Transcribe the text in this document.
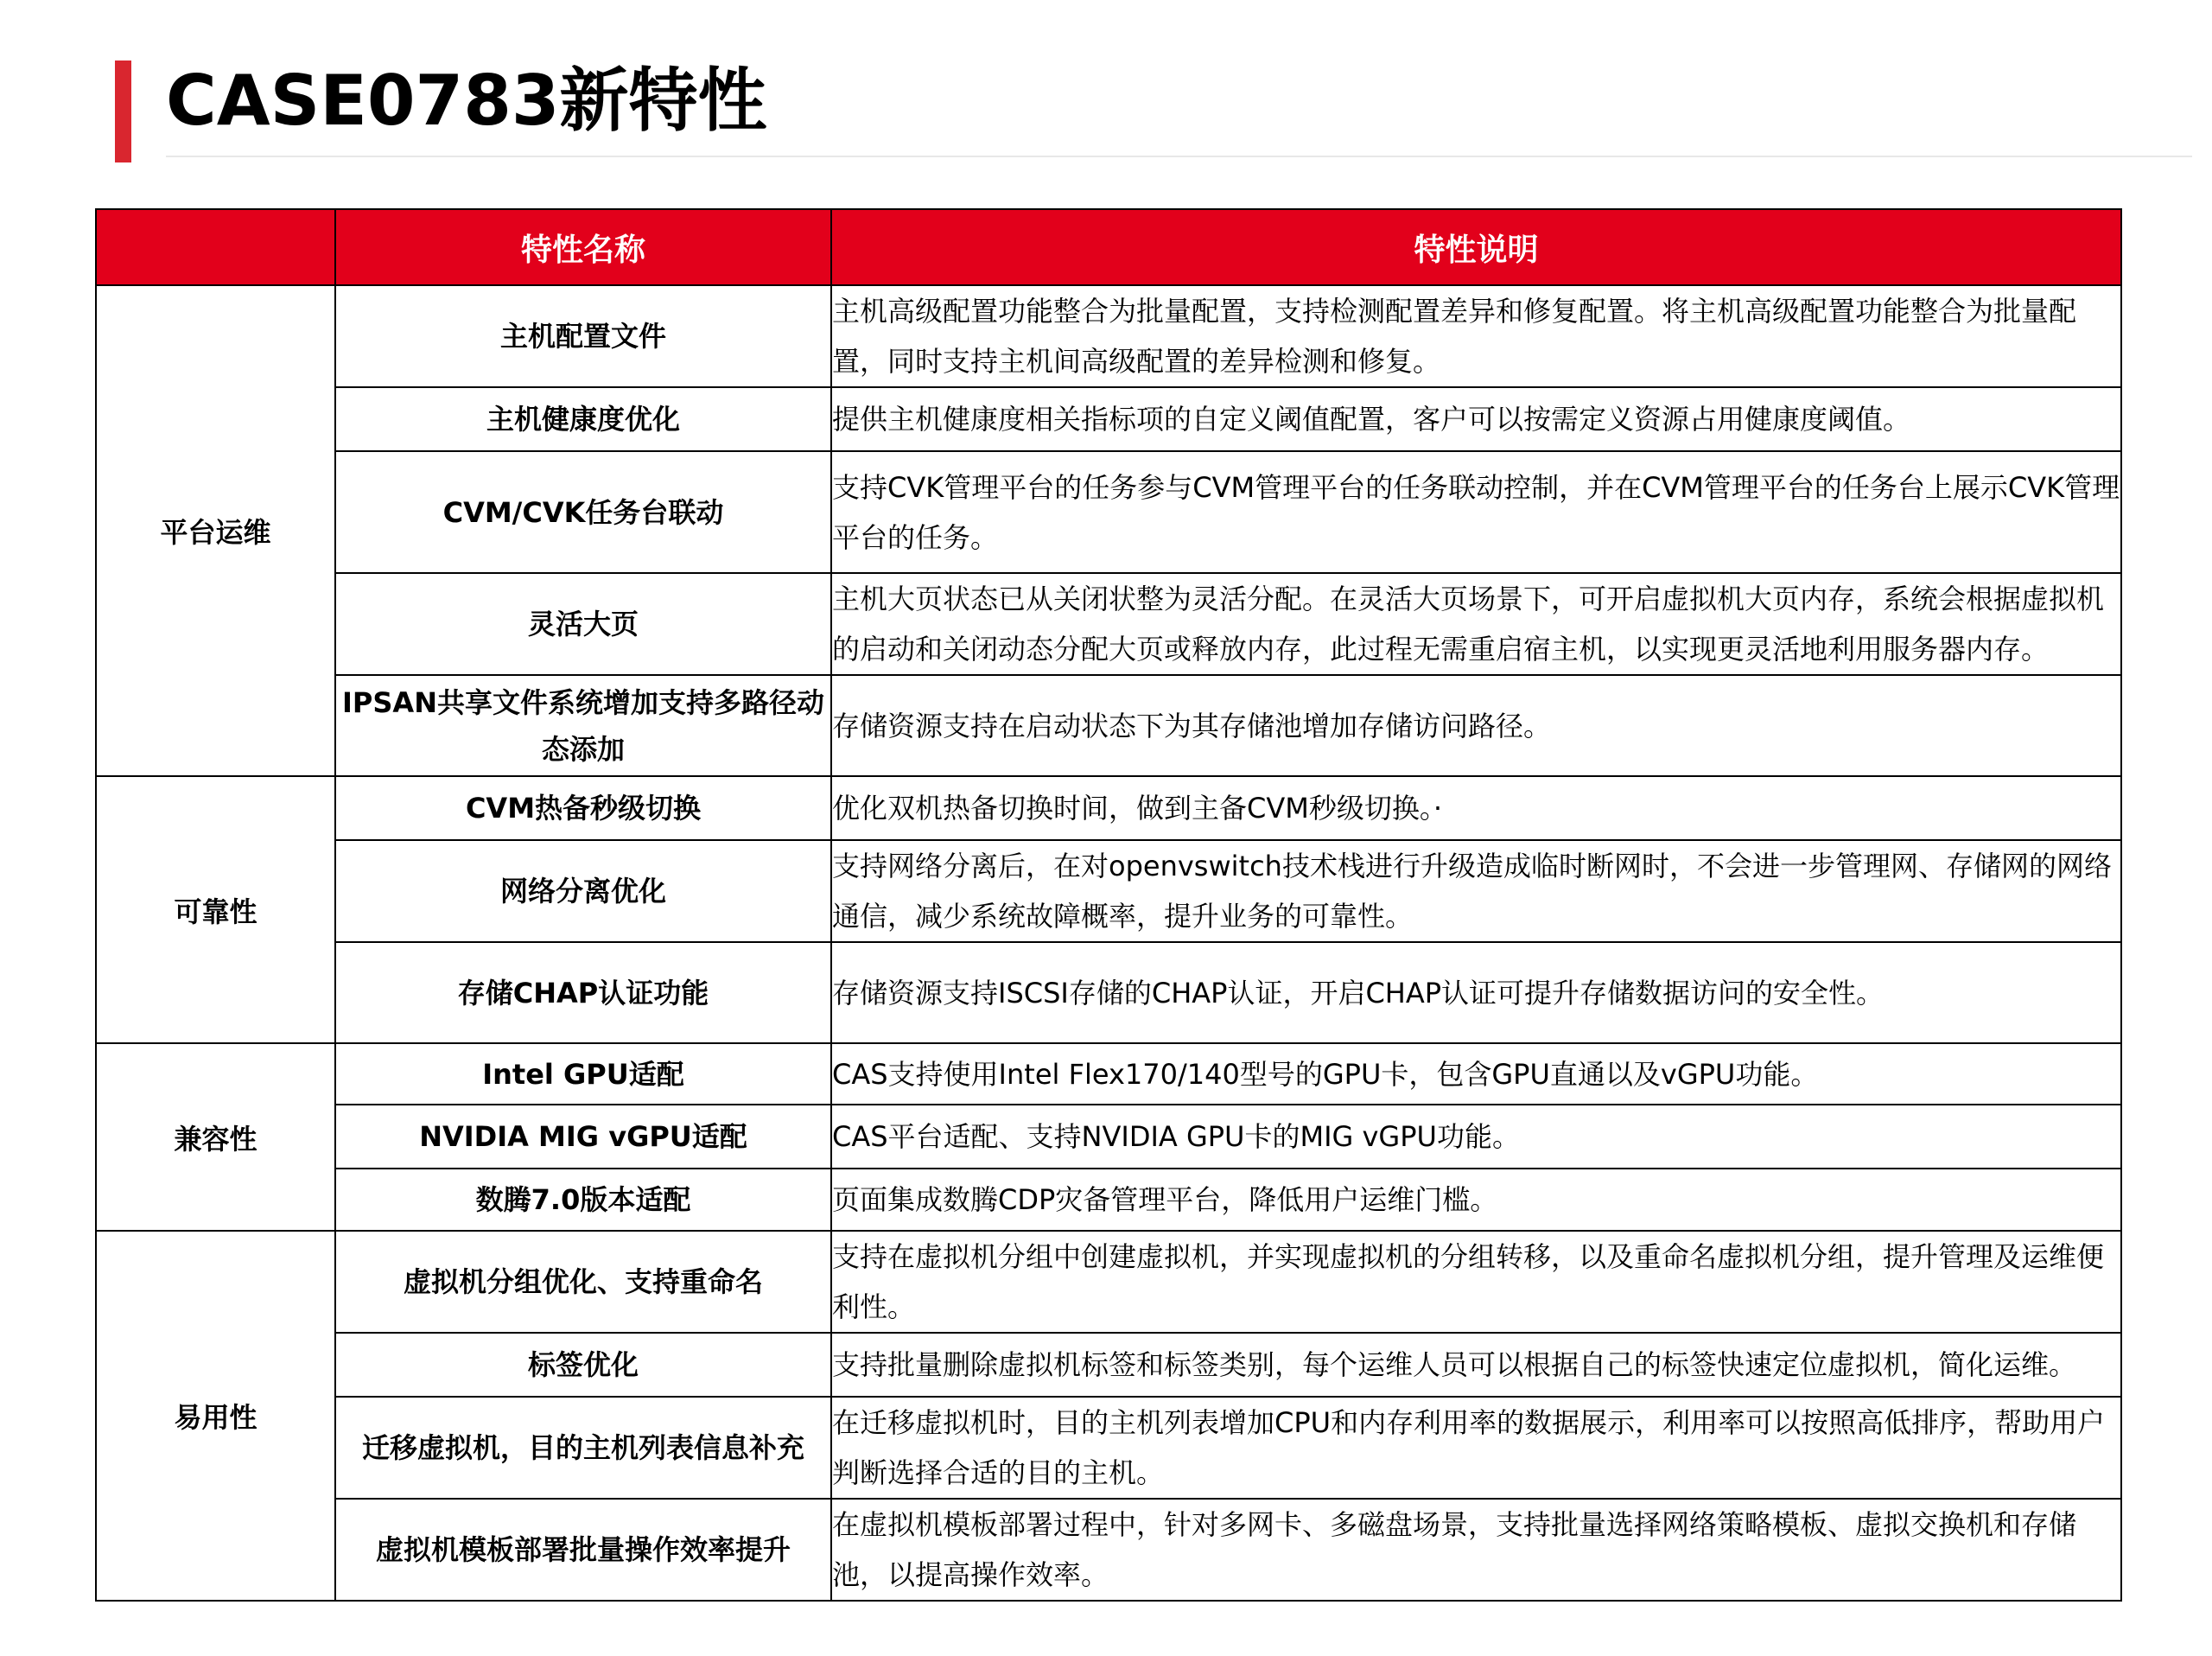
CASE0783新特性
	特性名称	特性说明
平台运维	主机配置文件	主机高级配置功能整合为批量配置，支持检测配置差异和修复配置。将主机高级配置功能整合为批量配置，同时支持主机间高级配置的差异检测和修复。
	主机健康度优化	提供主机健康度相关指标项的自定义阈值配置，客户可以按需定义资源占用健康度阈值。
	CVM/CVK任务台联动	支持CVK管理平台的任务参与CVM管理平台的任务联动控制，并在CVM管理平台的任务台上展示CVK管理平台的任务。
	灵活大页	主机大页状态已从关闭状整为灵活分配。在灵活大页场景下，可开启虚拟机大页内存，系统会根据虚拟机的启动和关闭动态分配大页或释放内存，此过程无需重启宿主机，以实现更灵活地利用服务器内存。
	IPSAN共享文件系统增加支持多路径动态添加	存储资源支持在启动状态下为其存储池增加存储访问路径。
可靠性	CVM热备秒级切换	优化双机热备切换时间，做到主备CVM秒级切换。·
	网络分离优化	支持网络分离后，在对openvswitch技术栈进行升级造成临时断网时，不会进一步管理网、存储网的网络通信，减少系统故障概率，提升业务的可靠性。
	存储CHAP认证功能	存储资源支持ISCSI存储的CHAP认证，开启CHAP认证可提升存储数据访问的安全性。
兼容性	Intel GPU适配	CAS支持使用Intel Flex170/140型号的GPU卡，包含GPU直通以及vGPU功能。
	NVIDIA MIG vGPU适配	CAS平台适配、支持NVIDIA GPU卡的MIG vGPU功能。
	数腾7.0版本适配	页面集成数腾CDP灾备管理平台，降低用户运维门槛。
易用性	虚拟机分组优化、支持重命名	支持在虚拟机分组中创建虚拟机，并实现虚拟机的分组转移，以及重命名虚拟机分组，提升管理及运维便利性。
	标签优化	支持批量删除虚拟机标签和标签类别，每个运维人员可以根据自己的标签快速定位虚拟机，简化运维。
	迁移虚拟机，目的主机列表信息补充	在迁移虚拟机时，目的主机列表增加CPU和内存利用率的数据展示，利用率可以按照高低排序，帮助用户判断选择合适的目的主机。
	虚拟机模板部署批量操作效率提升	在虚拟机模板部署过程中，针对多网卡、多磁盘场景，支持批量选择网络策略模板、虚拟交换机和存储池，以提高操作效率。
